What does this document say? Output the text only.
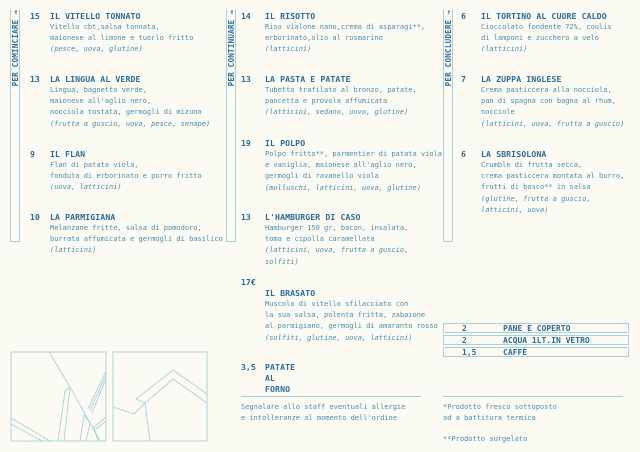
PER COMINCIARE →	PER CONTINUARE →	PER CONCLUDERE →
15 IL VITELLO TONNATO
Vitello cbt,salsa tonnata,
maionese al limone e tuorlo fritto
(pesce, uova, glutine)
13 LA LINGUA AL VERDE
Lingua, bagnetto verde,
maionese all'aglio nero,
nocciola tostata, germogli di mizuna
(frutta a guscio, uova, pesce, senape)
9 IL FLAN
Flan di patata viola,
fonduta di erborinato e porro fritto
(uova, latticini)
10 LA PARMIGIANA
Melanzane fritte, salsa di pomodoro,
burrata affumicata e germogli di basilico
(latticini)
14 IL RISOTTO
Riso vialone nano,crema di asparagi**,
erborinato,olio al rosmarino
(latticini)
13 LA PASTA E PATATE
Tubetto trafilato al bronzo, patate,
pancetta e provola affumicata
(latticini, sedano, uovo, glutine)
19 IL POLPO
Polpo fritto**, parmentier di patata viola
e vaniglia, maionese all'aglio nero,
germogli di ravanello viola
(molluschi, latticini, uova, glutine)
13 L'HAMBURGER DI CASO
Hamburger 150 gr, bacon, insalata,
toma e cipolla caramellata
(latticini, uova, frutta a guscio,
solfiti)
17€
IL BRASATO
Muscolo di vitello sfilacciato con
la sua salsa, polenta fritta, zabaione
al parmigiano, germogli di amaranto rosso
(solfiti, glutine, uova, latticini)
3,5 PATATE AL FORNO
6 IL TORTINO AL CUORE CALDO
Cioccolato fondente 72%, coulis
di lamponi e zucchero a velo
(latticini)
7 LA ZUPPA INGLESE
Crema pasticcera alla nocciola,
pan di spagna con bagna al rhum,
nocciole
(latticini, uova, frutta a guscio)
6 LA SBRISOLONA
Crumble di frutta secca,
crema pasticcera montata al burro,
frutti di bosco** in salsa
(glutine, frutta a guscio,
latticini, uova)
2	PANE E COPERTO
2	ACQUA 1LT.IN VETRO
1,5	CAFFÈ
Segnalare allo staff eventuali allergie
e intolleranze al momento dell'ordine
*Prodotto fresco sottoposto
ad a battitura termica
**Prodotto surgelato
